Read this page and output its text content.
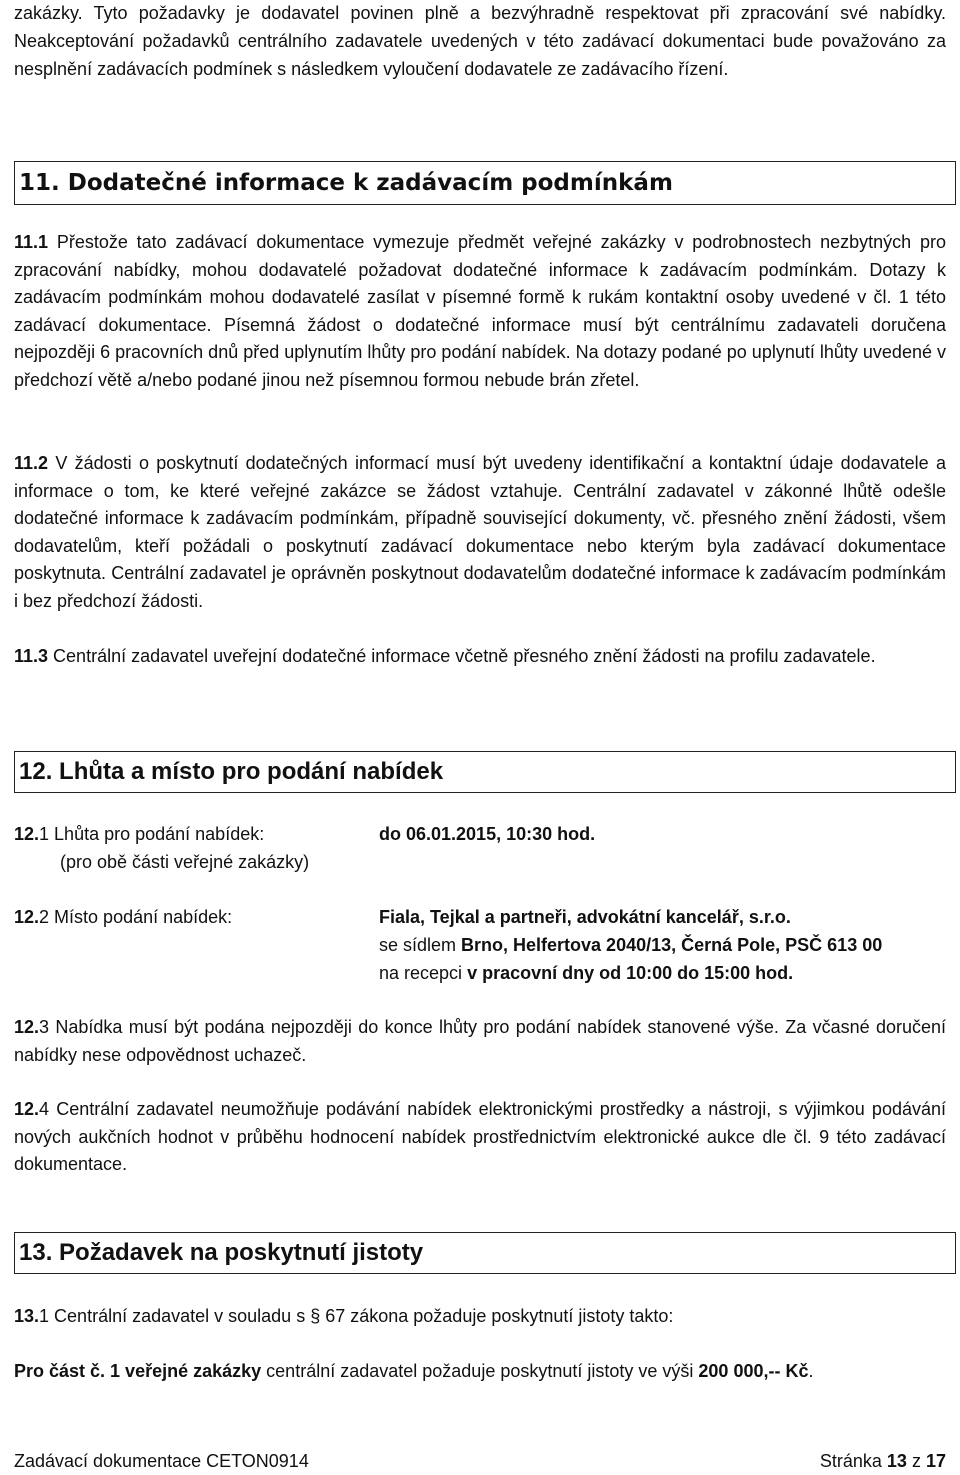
zakázky. Tyto požadavky je dodavatel povinen plně a bezvýhradně respektovat při zpracování své nabídky. Neakceptování požadavků centrálního zadavatele uvedených v této zadávací dokumentaci bude považováno za nesplnění zadávacích podmínek s následkem vyloučení dodavatele ze zadávacího řízení.

11. Dodatečné informace k zadávacím podmínkám

11.1 Přestože tato zadávací dokumentace vymezuje předmět veřejné zakázky v podrobnostech nezbytných pro zpracování nabídky, mohou dodavatelé požadovat dodatečné informace k zadávacím podmínkám. Dotazy k zadávacím podmínkám mohou dodavatelé zasílat v písemné formě k rukám kontaktní osoby uvedené v čl. 1 této zadávací dokumentace. Písemná žádost o dodatečné informace musí být centrálnímu zadavateli doručena nejpozději 6 pracovních dnů před uplynutím lhůty pro podání nabídek. Na dotazy podané po uplynutí lhůty uvedené v předchozí větě a/nebo podané jinou než písemnou formou nebude brán zřetel.

11.2 V žádosti o poskytnutí dodatečných informací musí být uvedeny identifikační a kontaktní údaje dodavatele a informace o tom, ke které veřejné zakázce se žádost vztahuje. Centrální zadavatel v zákonné lhůtě odešle dodatečné informace k zadávacím podmínkám, případně související dokumenty, vč. přesného znění žádosti, všem dodavatelům, kteří požádali o poskytnutí zadávací dokumentace nebo kterým byla zadávací dokumentace poskytnuta. Centrální zadavatel je oprávněn poskytnout dodavatelům dodatečné informace k zadávacím podmínkám i bez předchozí žádosti.

11.3 Centrální zadavatel uveřejní dodatečné informace včetně přesného znění žádosti na profilu zadavatele.

12. Lhůta a místo pro podání nabídek
12.1 Lhůta pro podání nabídek:	do 06.01.2015, 10:30 hod.
(pro obě části veřejné zakázky)
12.2 Místo podání nabídek:	Fiala, Tejkal a partneři, advokátní kancelář, s.r.o.
se sídlem Brno, Helfertova 2040/13, Černá Pole, PSČ 613 00
na recepci v pracovní dny od 10:00 do 15:00 hod.

12.3 Nabídka musí být podána nejpozději do konce lhůty pro podání nabídek stanovené výše. Za včasné doručení nabídky nese odpovědnost uchazeč.

12.4 Centrální zadavatel neumožňuje podávání nabídek elektronickými prostředky a nástroji, s výjimkou podávání nových aukčních hodnot v průběhu hodnocení nabídek prostřednictvím elektronické aukce dle čl. 9 této zadávací dokumentace.

13. Požadavek na poskytnutí jistoty

13.1 Centrální zadavatel v souladu s § 67 zákona požaduje poskytnutí jistoty takto:

Pro část č. 1 veřejné zakázky centrální zadavatel požaduje poskytnutí jistoty ve výši 200 000,-- Kč.

Zadávací dokumentace CETON0914	Stránka 13 z 17
